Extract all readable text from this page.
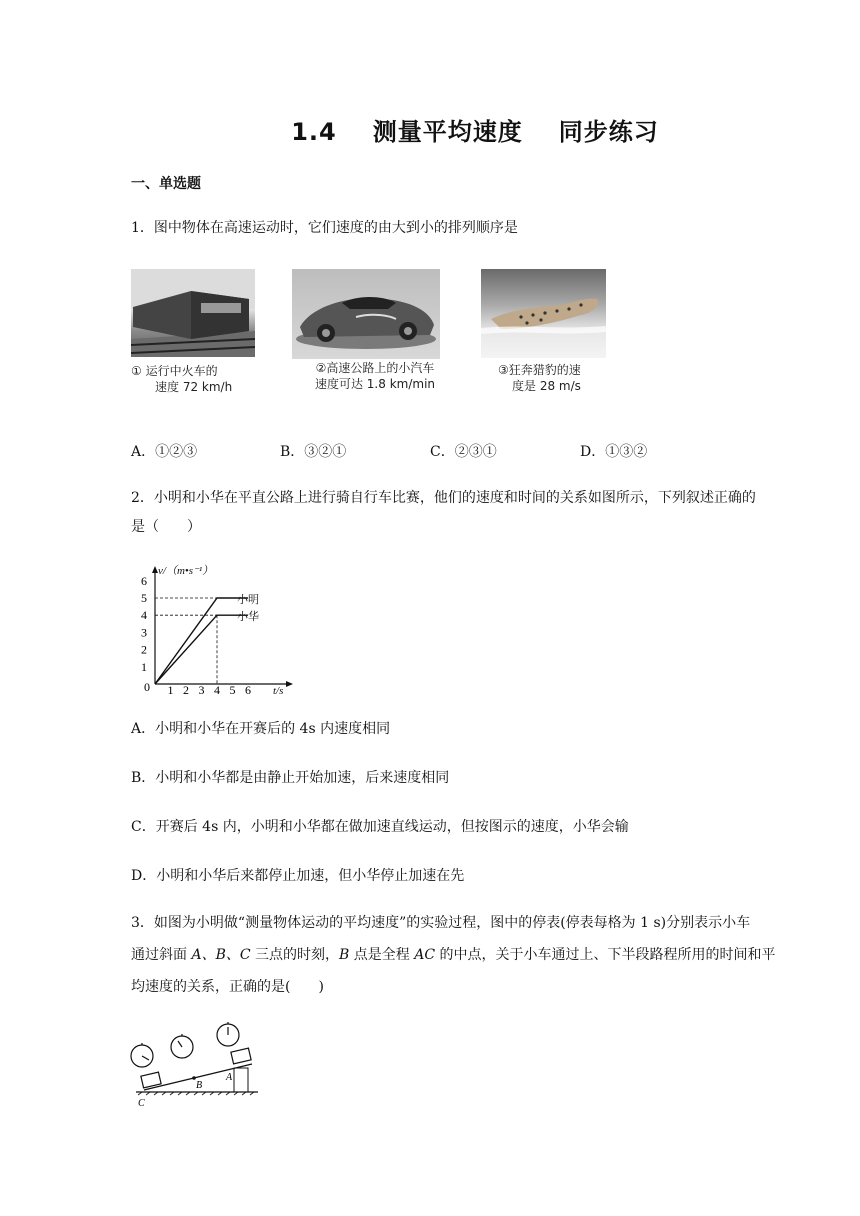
1.4 测量平均速度 同步练习
一、单选题
1．图中物体在高速运动时，它们速度的由大到小的排列顺序是
① 运行中火车的
速度 72 km/h
②高速公路上的小汽车
速度可达 1.8 km/min
③狂奔猎豹的速
度是 28 m/s
A．①②③	B．③②①	C．②③①	D．①③②
2．小明和小华在平直公路上进行骑自行车比赛，他们的速度和时间的关系如图所示，下列叙述正确的
是（　　）
v/（m•s⁻¹）
t/s
小明
小华
1
2
3
4
5
6
0 1 2 3 4 5 6
A．小明和小华在开赛后的 4s 内速度相同
B．小明和小华都是由静止开始加速，后来速度相同
C．开赛后 4s 内，小明和小华都在做加速直线运动，但按图示的速度，小华会输
D．小明和小华后来都停止加速，但小华停止加速在先
3．如图为小明做“测量物体运动的平均速度”的实验过程，图中的停表(停表每格为 1 s)分别表示小车
通过斜面 A、B、C 三点的时刻，B 点是全程 AC 的中点，关于小车通过上、下半段路程所用的时间和平
均速度的关系，正确的是(　　)
B
A
C
